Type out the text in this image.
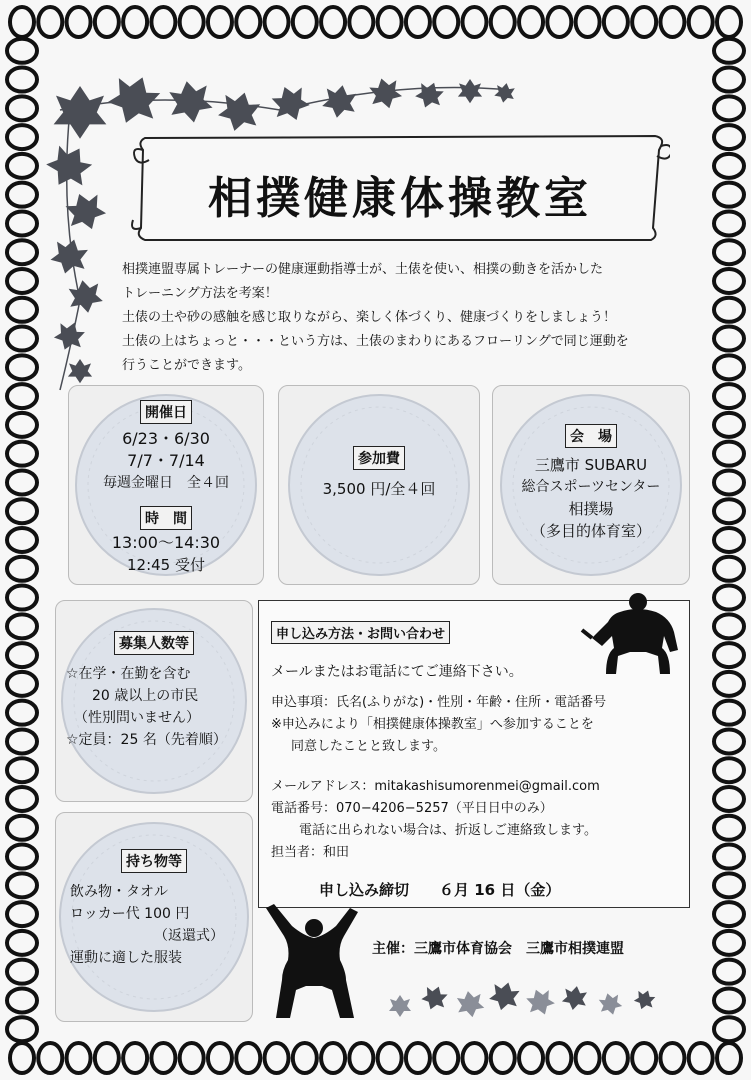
相撲健康体操教室

相撲連盟専属トレーナーの健康運動指導士が、土俵を使い、相撲の動きを活かした

トレーニング方法を考案！

土俵の土や砂の感触を感じ取りながら、楽しく体づくり、健康づくりをしましょう！

土俵の上はちょっと・・・という方は、土俵のまわりにあるフローリングで同じ運動を

行うことができます。

開催日
6/23・6/30
7/7・7/14
毎週金曜日　全４回
時　間
13:00〜14:30
12:45 受付
参加費
3,500 円/全４回
会　場
三鷹市 SUBARU
総合スポーツセンター
相撲場
（多目的体育室）
募集人数等
☆在学・在勤を含む
20 歳以上の市民
（性別問いません）
☆定員：25 名（先着順）
持ち物等
飲み物・タオル
ロッカー代 100 円
（返還式）
運動に適した服装
申し込み方法・お問い合わせ
メールまたはお電話にてご連絡下さい。
申込事項：氏名(ふりがな)・性別・年齢・住所・電話番号
※申込みにより「相撲健康体操教室」へ参加することを
同意したことと致します。
メールアドレス：mitakashisumorenmei@gmail.com
電話番号：070−4206−5257（平日日中のみ）
電話に出られない場合は、折返しご連絡致します。
担当者：和田
申し込み締切　　６月 16 日（金）
主催：三鷹市体育協会　三鷹市相撲連盟
